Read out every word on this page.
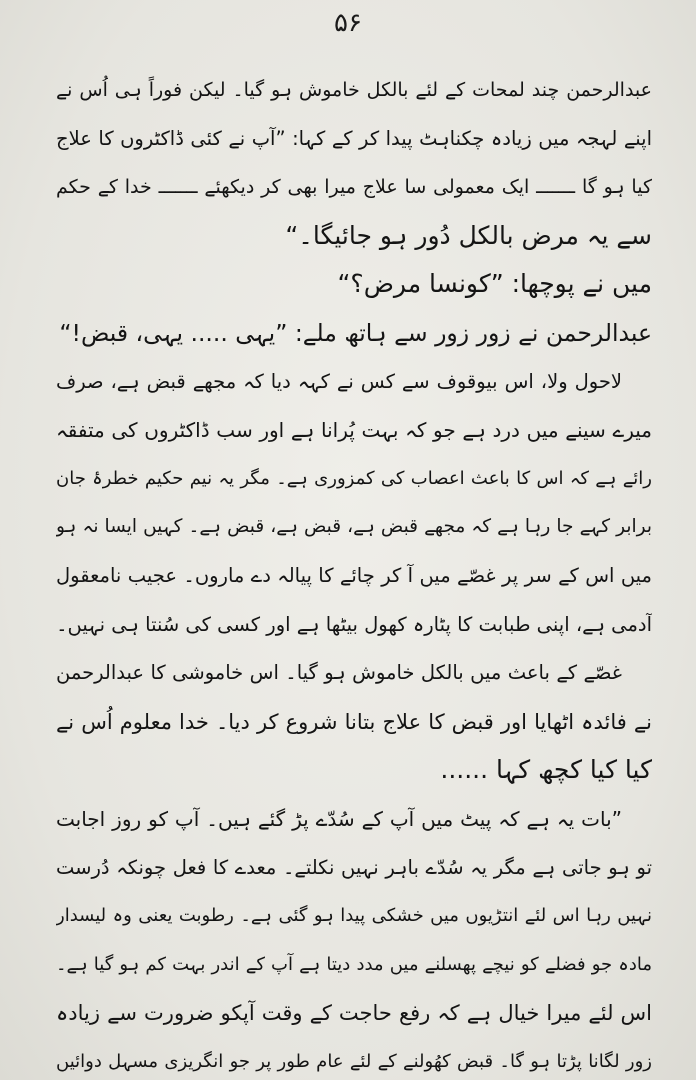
۵۶
عبدالرحمن چند لمحات کے لئے بالکل خاموش ہو گیا۔ لیکن فوراً ہی اُس نے
اپنے لہجہ میں زیادہ چکناہٹ پیدا کر کے کہا: ”آپ نے کئی ڈاکٹروں کا علاج
کیا ہو گا ـــــــ ایک معمولی سا علاج میرا بھی کر دیکھئے ـــــــ خدا کے حکم
سے یہ مرض بالکل دُور ہو جائیگا۔“
میں نے پوچھا: ”کونسا مرض؟“
عبدالرحمن نے زور زور سے ہاتھ ملے: ”یہی ..... یہی، قبض!“
لاحول ولا، اس بیوقوف سے کس نے کہہ دیا کہ مجھے قبض ہے، صرف
میرے سینے میں درد ہے جو کہ بہت پُرانا ہے اور سب ڈاکٹروں کی متفقہ
رائے ہے کہ اس کا باعث اعصاب کی کمزوری ہے۔ مگر یہ نیم حکیم خطرۂ جان
برابر کہے جا رہا ہے کہ مجھے قبض ہے، قبض ہے، قبض ہے۔ کہیں ایسا نہ ہو
میں اس کے سر پر غصّے میں آ کر چائے کا پیالہ دے ماروں۔ عجیب نامعقول
آدمی ہے، اپنی طبابت کا پٹارہ کھول بیٹھا ہے اور کسی کی سُنتا ہی نہیں۔
غصّے کے باعث میں بالکل خاموش ہو گیا۔ اس خاموشی کا عبدالرحمن
نے فائدہ اٹھایا اور قبض کا علاج بتانا شروع کر دیا۔ خدا معلوم اُس نے
کیا کیا کچھ کہا ......
”بات یہ ہے کہ پیٹ میں آپ کے سُدّے پڑ گئے ہیں۔ آپ کو روز اجابت
تو ہو جاتی ہے مگر یہ سُدّے باہر نہیں نکلتے۔ معدے کا فعل چونکہ دُرست
نہیں رہا اس لئے انتڑیوں میں خشکی پیدا ہو گئی ہے۔ رطوبت یعنی وہ لیسدار
مادہ جو فضلے کو نیچے پھسلنے میں مدد دیتا ہے آپ کے اندر بہت کم ہو گیا ہے۔
اس لئے میرا خیال ہے کہ رفع حاجت کے وقت آپکو ضرورت سے زیادہ
زور لگانا پڑتا ہو گا۔ قبض کھُولنے کے لئے عام طور پر جو انگریزی مسہل دوائیں
